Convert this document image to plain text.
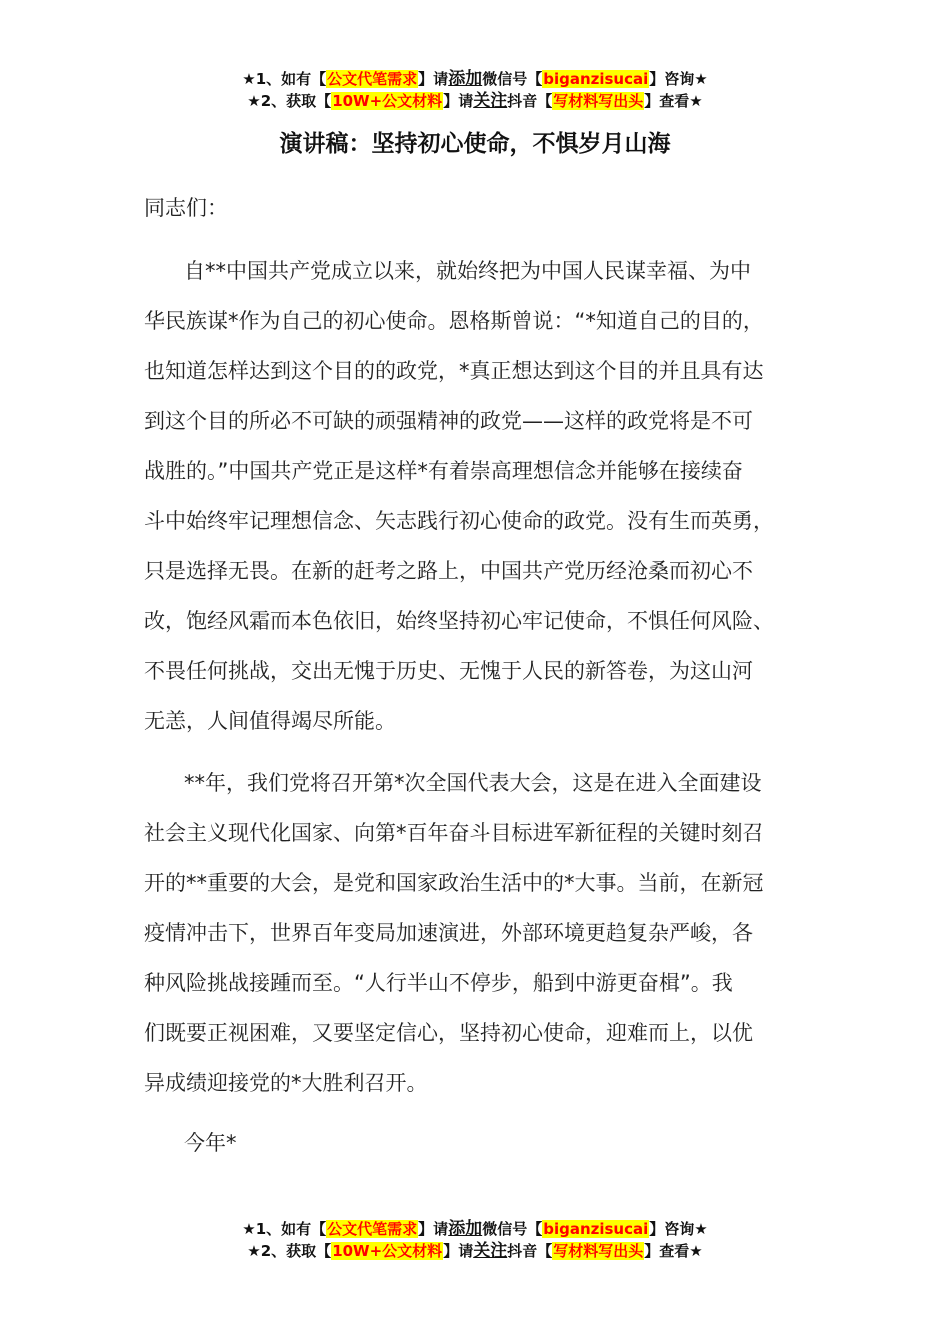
★1、如有【公文代笔需求】请添加微信号【biganzisucai】咨询★
★2、获取【10W+公文材料】请关注抖音【写材料写出头】查看★
演讲稿：坚持初心使命，不惧岁月山海
同志们：

自**中国共产党成立以来，就始终把为中国人民谋幸福、为中
华民族谋*作为自己的初心使命。恩格斯曾说：“*知道自己的目的，
也知道怎样达到这个目的的政党，*真正想达到这个目的并且具有达
到这个目的所必不可缺的顽强精神的政党——这样的政党将是不可
战胜的。”中国共产党正是这样*有着崇高理想信念并能够在接续奋
斗中始终牢记理想信念、矢志践行初心使命的政党。没有生而英勇，
只是选择无畏。在新的赶考之路上，中国共产党历经沧桑而初心不
改，饱经风霜而本色依旧，始终坚持初心牢记使命，不惧任何风险、
不畏任何挑战，交出无愧于历史、无愧于人民的新答卷，为这山河
无恙，人间值得竭尽所能。

**年，我们党将召开第*次全国代表大会，这是在进入全面建设
社会主义现代化国家、向第*百年奋斗目标进军新征程的关键时刻召
开的**重要的大会，是党和国家政治生活中的*大事。当前，在新冠
疫情冲击下，世界百年变局加速演进，外部环境更趋复杂严峻，各
种风险挑战接踵而至。“人行半山不停步，船到中游更奋楫”。我
们既要正视困难，又要坚定信心，坚持初心使命，迎难而上，以优
异成绩迎接党的*大胜利召开。

今年*

★1、如有【公文代笔需求】请添加微信号【biganzisucai】咨询★
★2、获取【10W+公文材料】请关注抖音【写材料写出头】查看★
